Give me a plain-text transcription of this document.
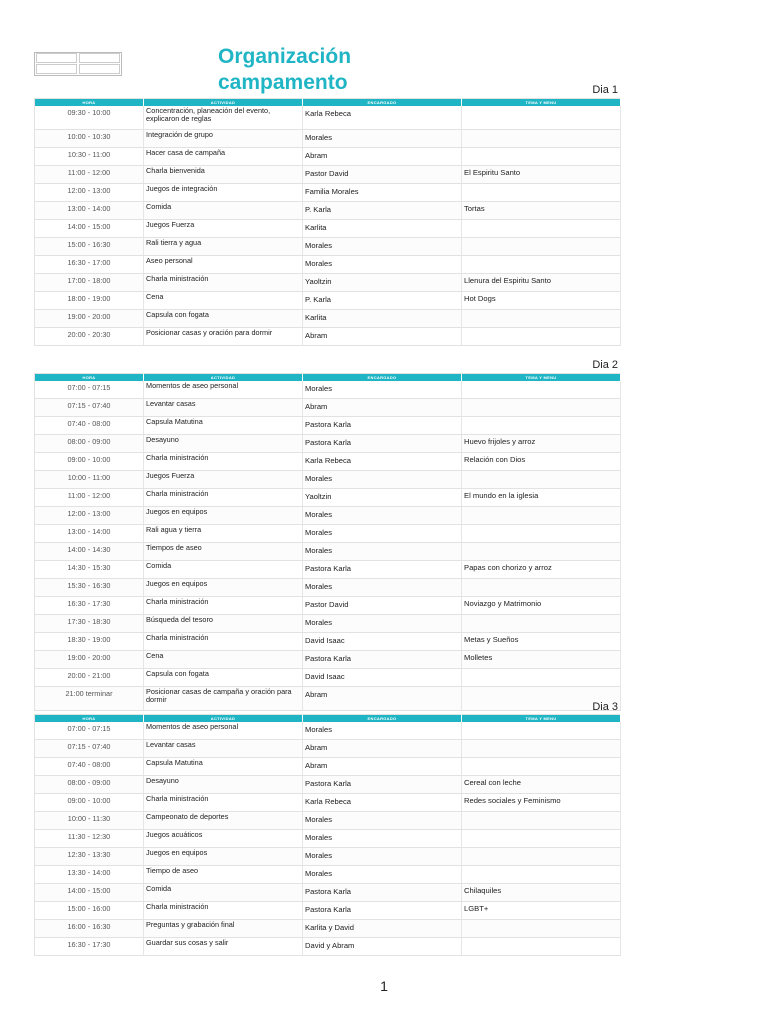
Organización
campamento	Dia 1
HORA	ACTIVIDAD	ENCARGADO	TEMA Y MENU
09:30 - 10:00	Concentración, planeación del evento, explicaron de reglas	Karla Rebeca	
10:00 - 10:30	Integración de grupo	Morales	
10:30 - 11:00	Hacer casa de campaña	Abram	
11:00 - 12:00	Charla bienvenida	Pastor David	El Espiritu Santo
12:00 - 13:00	Juegos de integración	Familia Morales	
13:00 - 14:00	Comida	P. Karla	Tortas
14:00 - 15:00	Juegos Fuerza	Karlita	
15:00 - 16:30	Rali tierra y agua	Morales	
16:30 - 17:00	Aseo personal	Morales	
17:00 - 18:00	Charla ministración	Yaoltzin	Llenura del Espiritu Santo
18:00 - 19:00	Cena	P. Karla	Hot Dogs
19:00 - 20:00	Capsula con fogata	Karlita	
20:00 - 20:30	Posicionar casas y oración para dormir	Abram	
Dia 2
HORA	ACTIVIDAD	ENCARGADO	TEMA Y MENU
07:00 - 07:15	Momentos de aseo personal	Morales	
07:15 - 07:40	Levantar casas	Abram	
07:40 - 08:00	Capsula Matutina	Pastora Karla	
08:00 - 09:00	Desayuno	Pastora Karla	Huevo frijoles y arroz
09:00 - 10:00	Charla ministración	Karla Rebeca	Relación con Dios
10:00 - 11:00	Juegos Fuerza	Morales	
11:00 - 12:00	Charla ministración	Yaoltzin	El mundo en la iglesia
12:00 - 13:00	Juegos en equipos	Morales	
13:00 - 14:00	Rali agua y tierra	Morales	
14:00 - 14:30	Tiempos de aseo	Morales	
14:30 - 15:30	Comida	Pastora Karla	Papas con chorizo y arroz
15:30 - 16:30	Juegos en equipos	Morales	
16:30 - 17:30	Charla ministración	Pastor David	Noviazgo y Matrimonio
17:30 - 18:30	Búsqueda del tesoro	Morales	
18:30 - 19:00	Charla ministración	David Isaac	Metas y Sueños
19:00 - 20:00	Cena	Pastora Karla	Molletes
20:00 - 21:00	Capsula con fogata	David Isaac	
21:00 terminar	Posicionar casas de campaña y oración para dormir	Abram	
Dia 3
HORA	ACTIVIDAD	ENCARGADO	TEMA Y MENU
07:00 - 07:15	Momentos de aseo personal	Morales	
07:15 - 07:40	Levantar casas	Abram	
07:40 - 08:00	Capsula Matutina	Abram	
08:00 - 09:00	Desayuno	Pastora Karla	Cereal con leche
09:00 - 10:00	Charla ministración	Karla Rebeca	Redes sociales y Feminismo
10:00 - 11:30	Campeonato de deportes	Morales	
11:30 - 12:30	Juegos acuáticos	Morales	
12:30 - 13:30	Juegos en equipos	Morales	
13:30 - 14:00	Tiempo de aseo	Morales	
14:00 - 15:00	Comida	Pastora Karla	Chilaquiles
15:00 - 16:00	Charla ministración	Pastora Karla	LGBT+
16:00 - 16:30	Preguntas y grabación final	Karlita y David	
16:30 - 17:30	Guardar sus cosas y salir	David y Abram	
1
